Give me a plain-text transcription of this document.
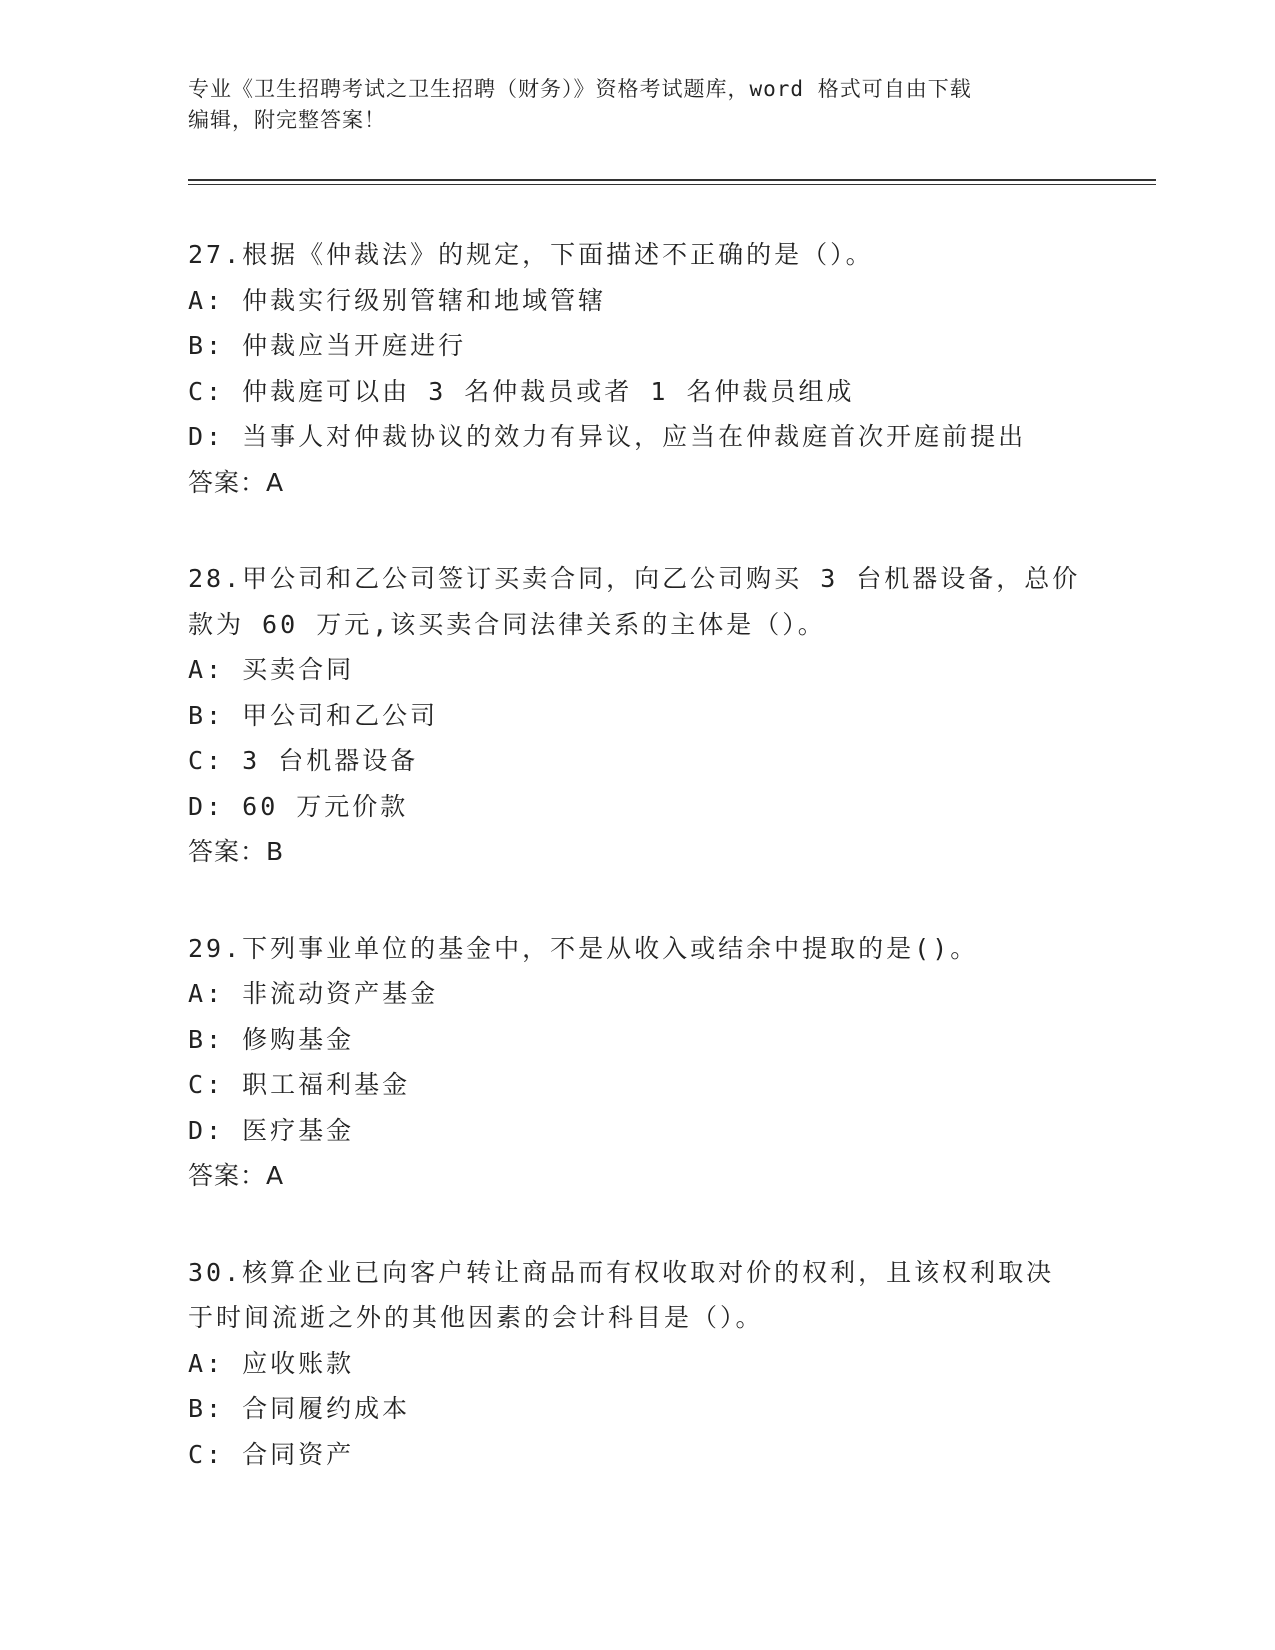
专业《卫生招聘考试之卫生招聘（财务）》资格考试题库，word 格式可自由下载
编辑，附完整答案！
27.根据《仲裁法》的规定，下面描述不正确的是（）。
A: 仲裁实行级别管辖和地域管辖
B: 仲裁应当开庭进行
C: 仲裁庭可以由 3 名仲裁员或者 1 名仲裁员组成
D: 当事人对仲裁协议的效力有异议，应当在仲裁庭首次开庭前提出
答案：A
28.甲公司和乙公司签订买卖合同，向乙公司购买 3 台机器设备，总价
款为 60 万元,该买卖合同法律关系的主体是（）。
A: 买卖合同
B: 甲公司和乙公司
C: 3 台机器设备
D: 60 万元价款
答案：B
29.下列事业单位的基金中，不是从收入或结余中提取的是()。
A: 非流动资产基金
B: 修购基金
C: 职工福利基金
D: 医疗基金
答案：A
30.核算企业已向客户转让商品而有权收取对价的权利，且该权利取决
于时间流逝之外的其他因素的会计科目是（）。
A: 应收账款
B: 合同履约成本
C: 合同资产
